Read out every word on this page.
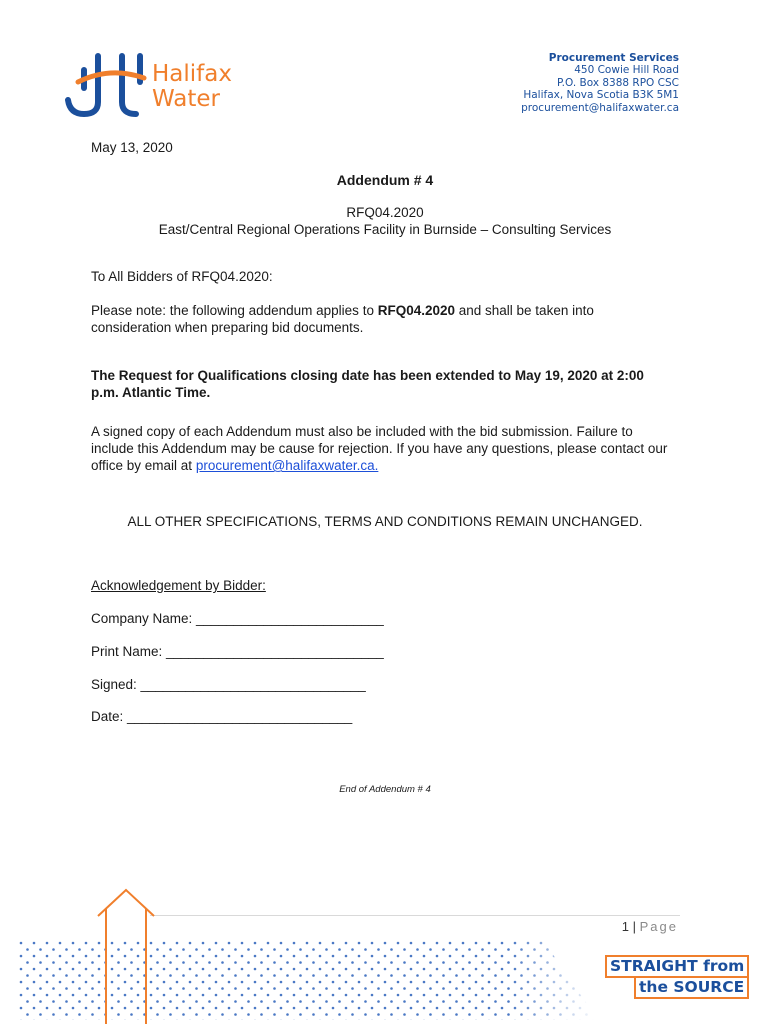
Halifax
Water
Procurement Services
450 Cowie Hill Road
P.O. Box 8388 RPO CSC
Halifax, Nova Scotia B3K 5M1
procurement@halifaxwater.ca
May 13, 2020
Addendum # 4
RFQ04.2020
East/Central Regional Operations Facility in Burnside – Consulting Services
To All Bidders of RFQ04.2020:
Please note: the following addendum applies to RFQ04.2020 and shall be taken into consideration when preparing bid documents.
The Request for Qualifications closing date has been extended to May 19, 2020 at 2:00 p.m. Atlantic Time.
A signed copy of each Addendum must also be included with the bid submission. Failure to include this Addendum may be cause for rejection. If you have any questions, please contact our office by email at procurement@halifaxwater.ca.
ALL OTHER SPECIFICATIONS, TERMS AND CONDITIONS REMAIN UNCHANGED.
Acknowledgement by Bidder:
Company Name: _________________________
Print Name: _____________________________
Signed: ______________________________
Date: ______________________________
End of Addendum # 4
1 | Page
STRAIGHT from
the SOURCE
